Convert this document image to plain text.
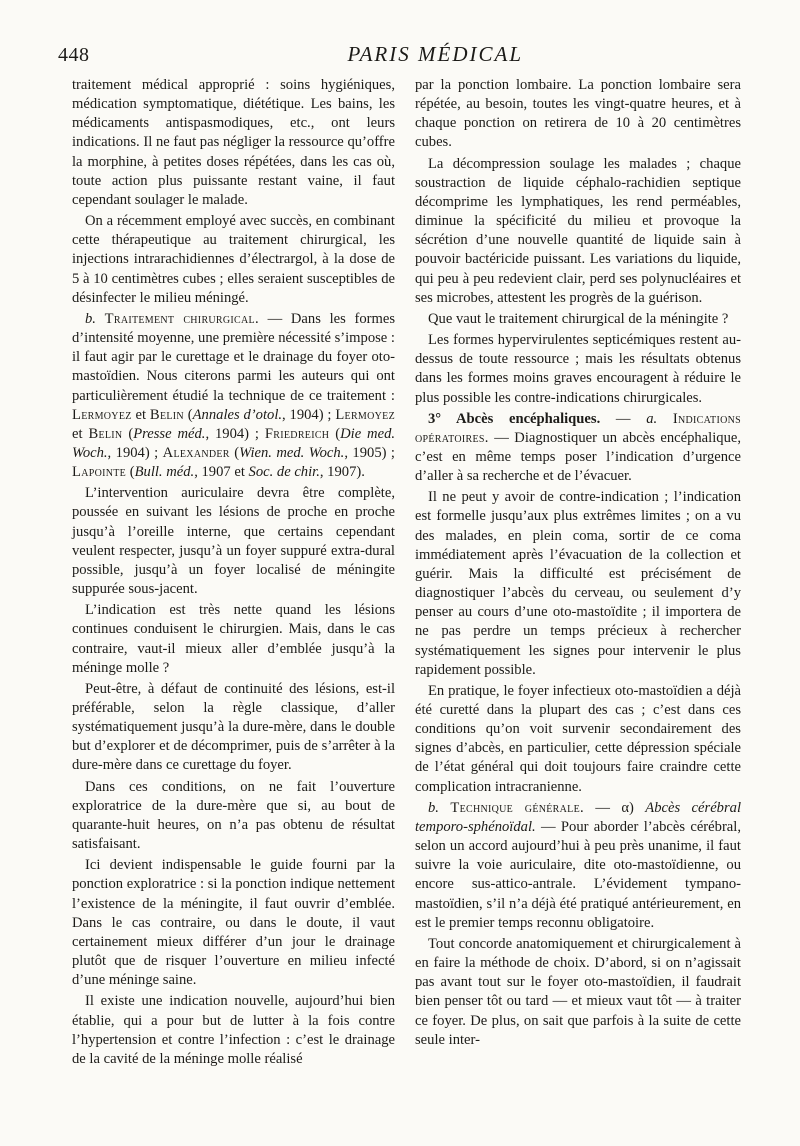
448	PARIS MÉDICAL

traitement médical approprié : soins hygiéniques, médication symptomatique, diététique. Les bains, les médicaments antispasmodiques, etc., ont leurs indications. Il ne faut pas négliger la ressource qu’offre la morphine, à petites doses répétées, dans les cas où, toute action plus puissante restant vaine, il faut cependant soulager le malade.

On a récemment employé avec succès, en combinant cette thérapeutique au traitement chirurgical, les injections intrarachidiennes d’électrargol, à la dose de 5 à 10 centimètres cubes ; elles seraient susceptibles de désinfecter le milieu méningé.

b. Traitement chirurgical. — Dans les formes d’intensité moyenne, une première nécessité s’impose : il faut agir par le curettage et le drainage du foyer oto-mastoïdien. Nous citerons parmi les auteurs qui ont particulièrement étudié la technique de ce traitement : Lermoyez et Belin (Annales d’otol., 1904) ; Lermoyez et Belin (Presse méd., 1904) ; Friedreich (Die med. Woch., 1904) ; Alexander (Wien. med. Woch., 1905) ; Lapointe (Bull. méd., 1907 et Soc. de chir., 1907).

L’intervention auriculaire devra être complète, poussée en suivant les lésions de proche en proche jusqu’à l’oreille interne, que certains cependant veulent respecter, jusqu’à un foyer suppuré extra-dural possible, jusqu’à un foyer localisé de méningite suppurée sous-jacent.

L’indication est très nette quand les lésions continues conduisent le chirurgien. Mais, dans le cas contraire, vaut-il mieux aller d’emblée jusqu’à la méninge molle ?

Peut-être, à défaut de continuité des lésions, est-il préférable, selon la règle classique, d’aller systématiquement jusqu’à la dure-mère, dans le double but d’explorer et de décomprimer, puis de s’arrêter à la dure-mère dans ce curettage du foyer.

Dans ces conditions, on ne fait l’ouverture exploratrice de la dure-mère que si, au bout de quarante-huit heures, on n’a pas obtenu de résultat satisfaisant.

Ici devient indispensable le guide fourni par la ponction exploratrice : si la ponction indique nettement l’existence de la méningite, il faut ouvrir d’emblée. Dans le cas contraire, ou dans le doute, il vaut certainement mieux différer d’un jour le drainage plutôt que de risquer l’ouverture en milieu infecté d’une méninge saine.

Il existe une indication nouvelle, aujourd’hui bien établie, qui a pour but de lutter à la fois contre l’hypertension et contre l’infection : c’est le drainage de la cavité de la méninge molle réalisé

par la ponction lombaire. La ponction lombaire sera répétée, au besoin, toutes les vingt-quatre heures, et à chaque ponction on retirera de 10 à 20 centimètres cubes.

La décompression soulage les malades ; chaque soustraction de liquide céphalo-rachidien septique décomprime les lymphatiques, les rend perméables, diminue la spécificité du milieu et provoque la sécrétion d’une nouvelle quantité de liquide sain à pouvoir bactéricide puissant. Les variations du liquide, qui peu à peu redevient clair, perd ses polynucléaires et ses microbes, attestent les progrès de la guérison.

Que vaut le traitement chirurgical de la méningite ?

Les formes hypervirulentes septicémiques restent au-dessus de toute ressource ; mais les résultats obtenus dans les formes moins graves encouragent à réduire le plus possible les contre-indications chirurgicales.

3° Abcès encéphaliques. — a. Indications opératoires. — Diagnostiquer un abcès encéphalique, c’est en même temps poser l’indication d’urgence d’aller à sa recherche et de l’évacuer.

Il ne peut y avoir de contre-indication ; l’indication est formelle jusqu’aux plus extrêmes limites ; on a vu des malades, en plein coma, sortir de ce coma immédiatement après l’évacuation de la collection et guérir. Mais la difficulté est précisément de diagnostiquer l’abcès du cerveau, ou seulement d’y penser au cours d’une oto-mastoïdite ; il importera de ne pas perdre un temps précieux à rechercher systématiquement les signes pour intervenir le plus rapidement possible.

En pratique, le foyer infectieux oto-mastoïdien a déjà été curetté dans la plupart des cas ; c’est dans ces conditions qu’on voit survenir secondairement des signes d’abcès, en particulier, cette dépression spéciale de l’état général qui doit toujours faire craindre cette complication intracranienne.

b. Technique générale. — α) Abcès cérébral temporo-sphénoïdal. — Pour aborder l’abcès cérébral, selon un accord aujourd’hui à peu près unanime, il faut suivre la voie auriculaire, dite oto-mastoïdienne, ou encore sus-attico-antrale. L’évidement tympano-mastoïdien, s’il n’a déjà été pratiqué antérieurement, en est le premier temps reconnu obligatoire.

Tout concorde anatomiquement et chirurgicalement à en faire la méthode de choix. D’abord, si on n’agissait pas avant tout sur le foyer oto-mastoïdien, il faudrait bien penser tôt ou tard — et mieux vaut tôt — à traiter ce foyer. De plus, on sait que parfois à la suite de cette seule inter-
